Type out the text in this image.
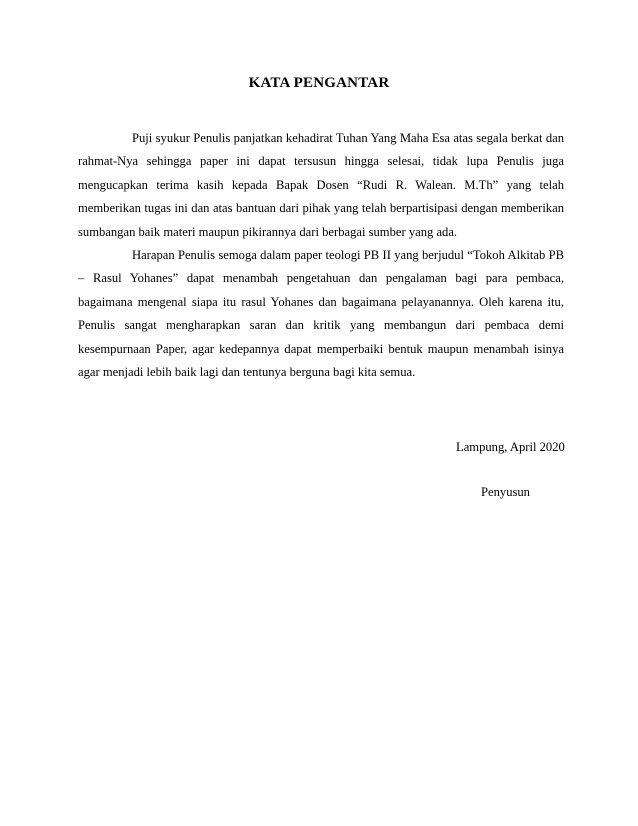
KATA PENGANTAR

Puji syukur Penulis panjatkan kehadirat Tuhan Yang Maha Esa atas segala berkat dan rahmat-Nya sehingga paper ini dapat tersusun hingga selesai, tidak lupa Penulis juga mengucapkan terima kasih kepada Bapak Dosen “Rudi R. Walean. M.Th” yang telah memberikan tugas ini dan atas bantuan dari pihak yang telah berpartisipasi dengan memberikan sumbangan baik materi maupun pikirannya dari berbagai sumber yang ada.

Harapan Penulis semoga dalam paper teologi PB II yang berjudul “Tokoh Alkitab PB – Rasul Yohanes” dapat menambah pengetahuan dan pengalaman bagi para pembaca, bagaimana mengenal siapa itu rasul Yohanes dan bagaimana pelayanannya. Oleh karena itu, Penulis sangat mengharapkan saran dan kritik yang membangun dari pembaca demi kesempurnaan Paper, agar kedepannya dapat memperbaiki bentuk maupun menambah isinya agar menjadi lebih baik lagi dan tentunya berguna bagi kita semua.

Lampung, April 2020
Penyusun
